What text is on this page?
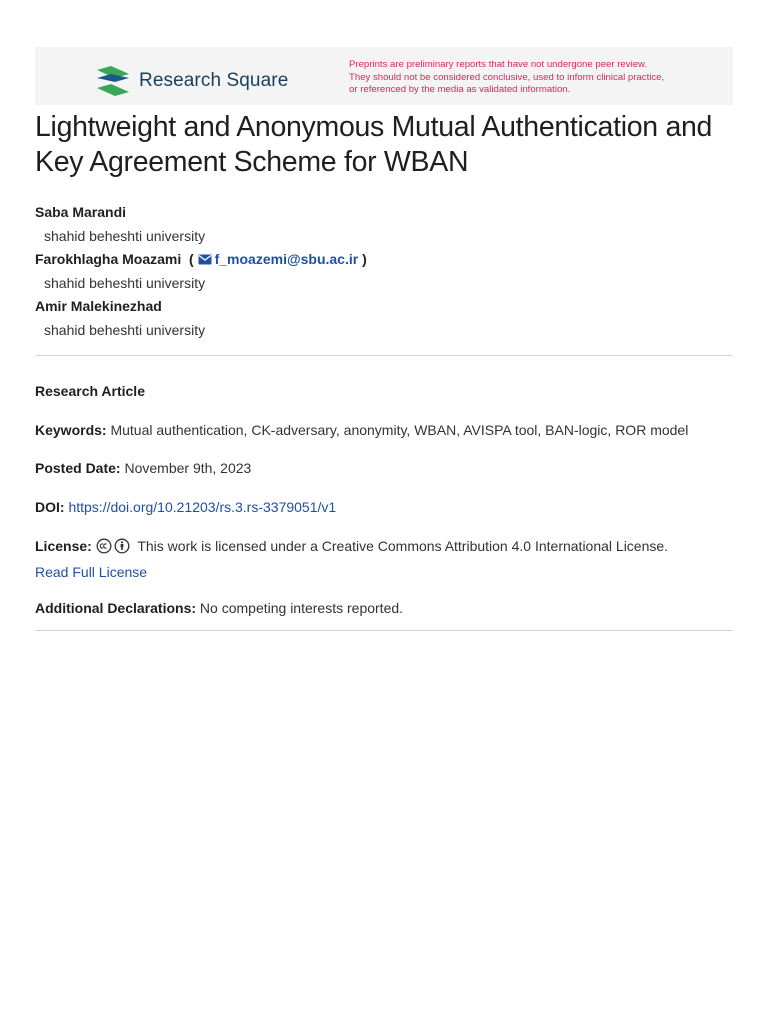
Research Square
Preprints are preliminary reports that have not undergone peer review.
They should not be considered conclusive, used to inform clinical practice,
or referenced by the media as validated information.
Lightweight and Anonymous Mutual Authentication and Key Agreement Scheme for WBAN
Saba Marandi
shahid beheshti university
Farokhlagha Moazami ( f_moazemi@sbu.ac.ir )
shahid beheshti university
Amir Malekinezhad
shahid beheshti university
Research Article
Keywords: Mutual authentication, CK-adversary, anonymity, WBAN, AVISPA tool, BAN-logic, ROR model
Posted Date: November 9th, 2023
DOI: https://doi.org/10.21203/rs.3.rs-3379051/v1
License:	This work is licensed under a Creative Commons Attribution 4.0 International License.
Read Full License
Additional Declarations: No competing interests reported.
